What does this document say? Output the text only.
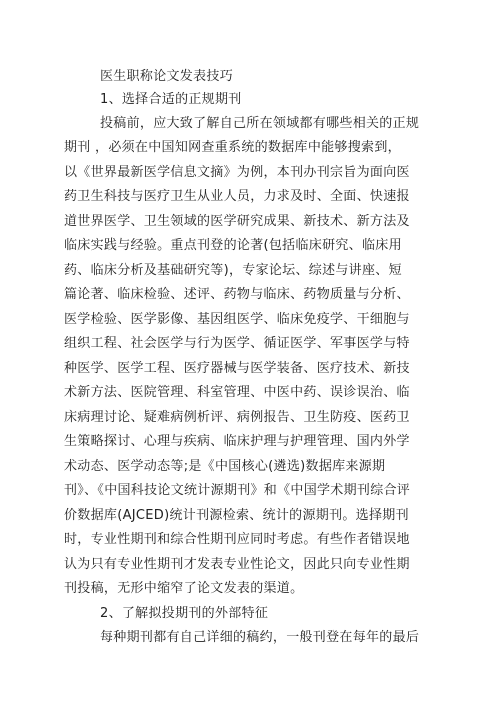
医生职称论文发表技巧
1、选择合适的正规期刊
投稿前，应大致了解自己所在领域都有哪些相关的正规
期刊 ，必须在中国知网查重系统的数据库中能够搜索到，
以《世界最新医学信息文摘》为例，本刊办刊宗旨为面向医
药卫生科技与医疗卫生从业人员，力求及时、全面、快速报
道世界医学、卫生领域的医学研究成果、新技术、新方法及
临床实践与经验。重点刊登的论著(包括临床研究、临床用
药、临床分析及基础研究等)，专家论坛、综述与讲座、短
篇论著、临床检验、述评、药物与临床、药物质量与分析、
医学检验、医学影像、基因组医学、临床免疫学、干细胞与
组织工程、社会医学与行为医学、循证医学、军事医学与特
种医学、医学工程、医疗器械与医学装备、医疗技术、新技
术新方法、医院管理、科室管理、中医中药、误诊误治、临
床病理讨论、疑难病例析评、病例报告、卫生防疫、医药卫
生策略探讨、心理与疾病、临床护理与护理管理、国内外学
术动态、医学动态等;是《中国核心(遴选)数据库来源期
刊》、《中国科技论文统计源期刊》和《中国学术期刊综合评
价数据库(AJCED)统计刊源检索、统计的源期刊。选择期刊
时，专业性期刊和综合性期刊应同时考虑。有些作者错误地
认为只有专业性期刊才发表专业性论文，因此只向专业性期
刊投稿，无形中缩窄了论文发表的渠道。
2、了解拟投期刊的外部特征
每种期刊都有自己详细的稿约，一般刊登在每年的最后
